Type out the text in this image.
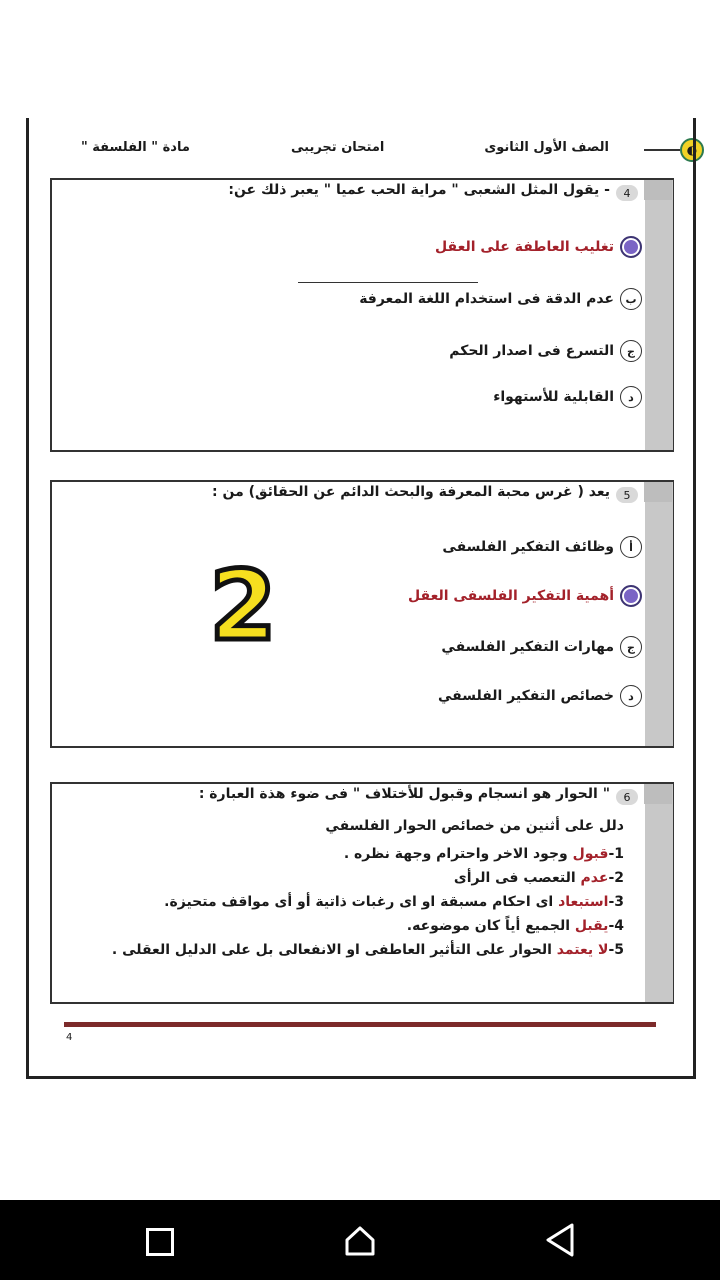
◐
الصف الأول الثانوى
امتحان تجريبى
مادة " الفلسفة "
4
- يقول المثل الشعبى " مراية الحب عميا " يعبر ذلك عن:
تغليب العاطفة على العقل
ب
عدم الدقة فى استخدام اللغة المعرفة
ج
التسرع فى اصدار الحكم
د
القابلية للأستهواء
5
يعد ( غرس محبة المعرفة والبحث الدائم عن الحقائق) من :
أ
وظائف التفكير الفلسفى
أهمية التفكير الفلسفى العقل
ج
مهارات التفكير الفلسفي
د
خصائص التفكير الفلسفي
2
6
" الحوار هو انسجام وقبول للأختلاف " فى ضوء هذة العبارة :
دلل على أثنين من خصائص الحوار الفلسفي
1-قبول وجود الاخر واحترام وجهة نظره .
2-عدم التعصب فى الرأى
3-استبعاد اى احكام مسبقة او اى رغبات ذاتية أو أى مواقف متحيزة.
4-يقبل الجميع أياً كان موضوعه.
5-لا يعتمد الحوار على التأثير العاطفى او الانفعالى بل على الدليل العقلى .
4
